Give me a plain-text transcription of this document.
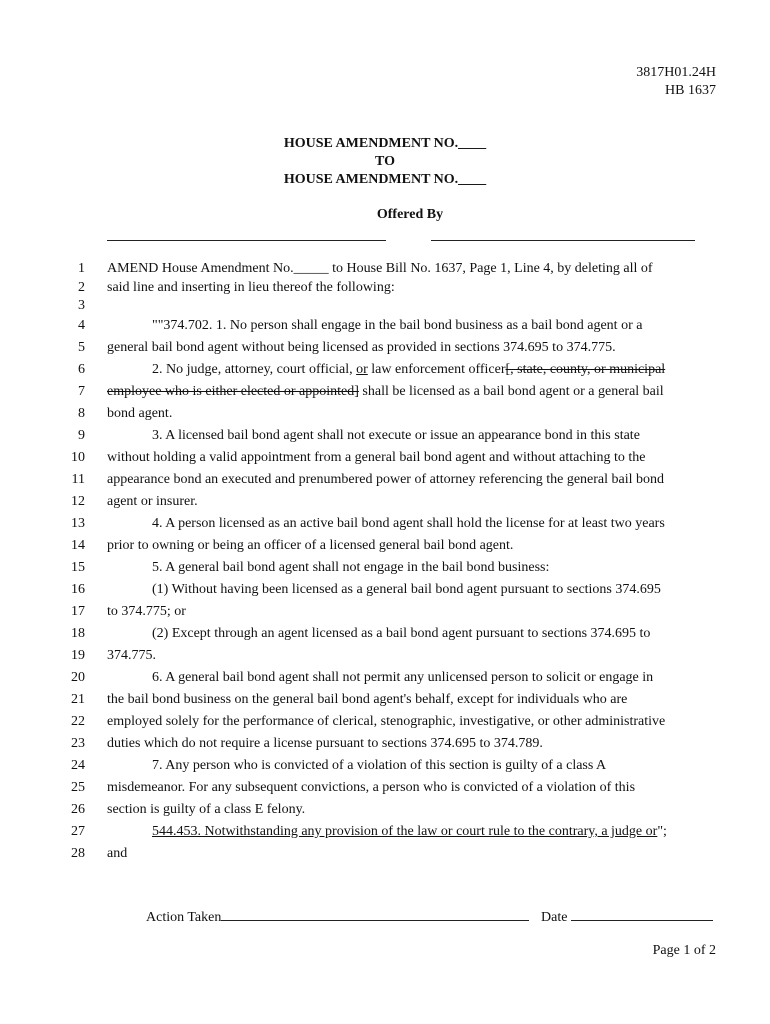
3817H01.24H
HB 1637
HOUSE AMENDMENT NO.____
TO
HOUSE AMENDMENT NO.____
Offered By
1 AMEND House Amendment No._____ to House Bill No. 1637, Page 1, Line 4, by deleting all of
2 said line and inserting in lieu thereof the following:
3
4	""374.702. 1. No person shall engage in the bail bond business as a bail bond agent or a
5 general bail bond agent without being licensed as provided in sections 374.695 to 374.775.
6	2. No judge, attorney, court official, or law enforcement officer[, state, county, or municipal
7 employee who is either elected or appointed] shall be licensed as a bail bond agent or a general bail
8 bond agent.
9	3. A licensed bail bond agent shall not execute or issue an appearance bond in this state
10 without holding a valid appointment from a general bail bond agent and without attaching to the
11 appearance bond an executed and prenumbered power of attorney referencing the general bail bond
12 agent or insurer.
13	4. A person licensed as an active bail bond agent shall hold the license for at least two years
14 prior to owning or being an officer of a licensed general bail bond agent.
15	5. A general bail bond agent shall not engage in the bail bond business:
16	(1) Without having been licensed as a general bail bond agent pursuant to sections 374.695
17 to 374.775; or
18	(2) Except through an agent licensed as a bail bond agent pursuant to sections 374.695 to
19 374.775.
20	6. A general bail bond agent shall not permit any unlicensed person to solicit or engage in
21 the bail bond business on the general bail bond agent's behalf, except for individuals who are
22 employed solely for the performance of clerical, stenographic, investigative, or other administrative
23 duties which do not require a license pursuant to sections 374.695 to 374.789.
24	7. Any person who is convicted of a violation of this section is guilty of a class A
25 misdemeanor. For any subsequent convictions, a person who is convicted of a violation of this
26 section is guilty of a class E felony.
27	544.453. Notwithstanding any provision of the law or court rule to the contrary, a judge or";
28 and
Action Taken	Date
Page 1 of 2
